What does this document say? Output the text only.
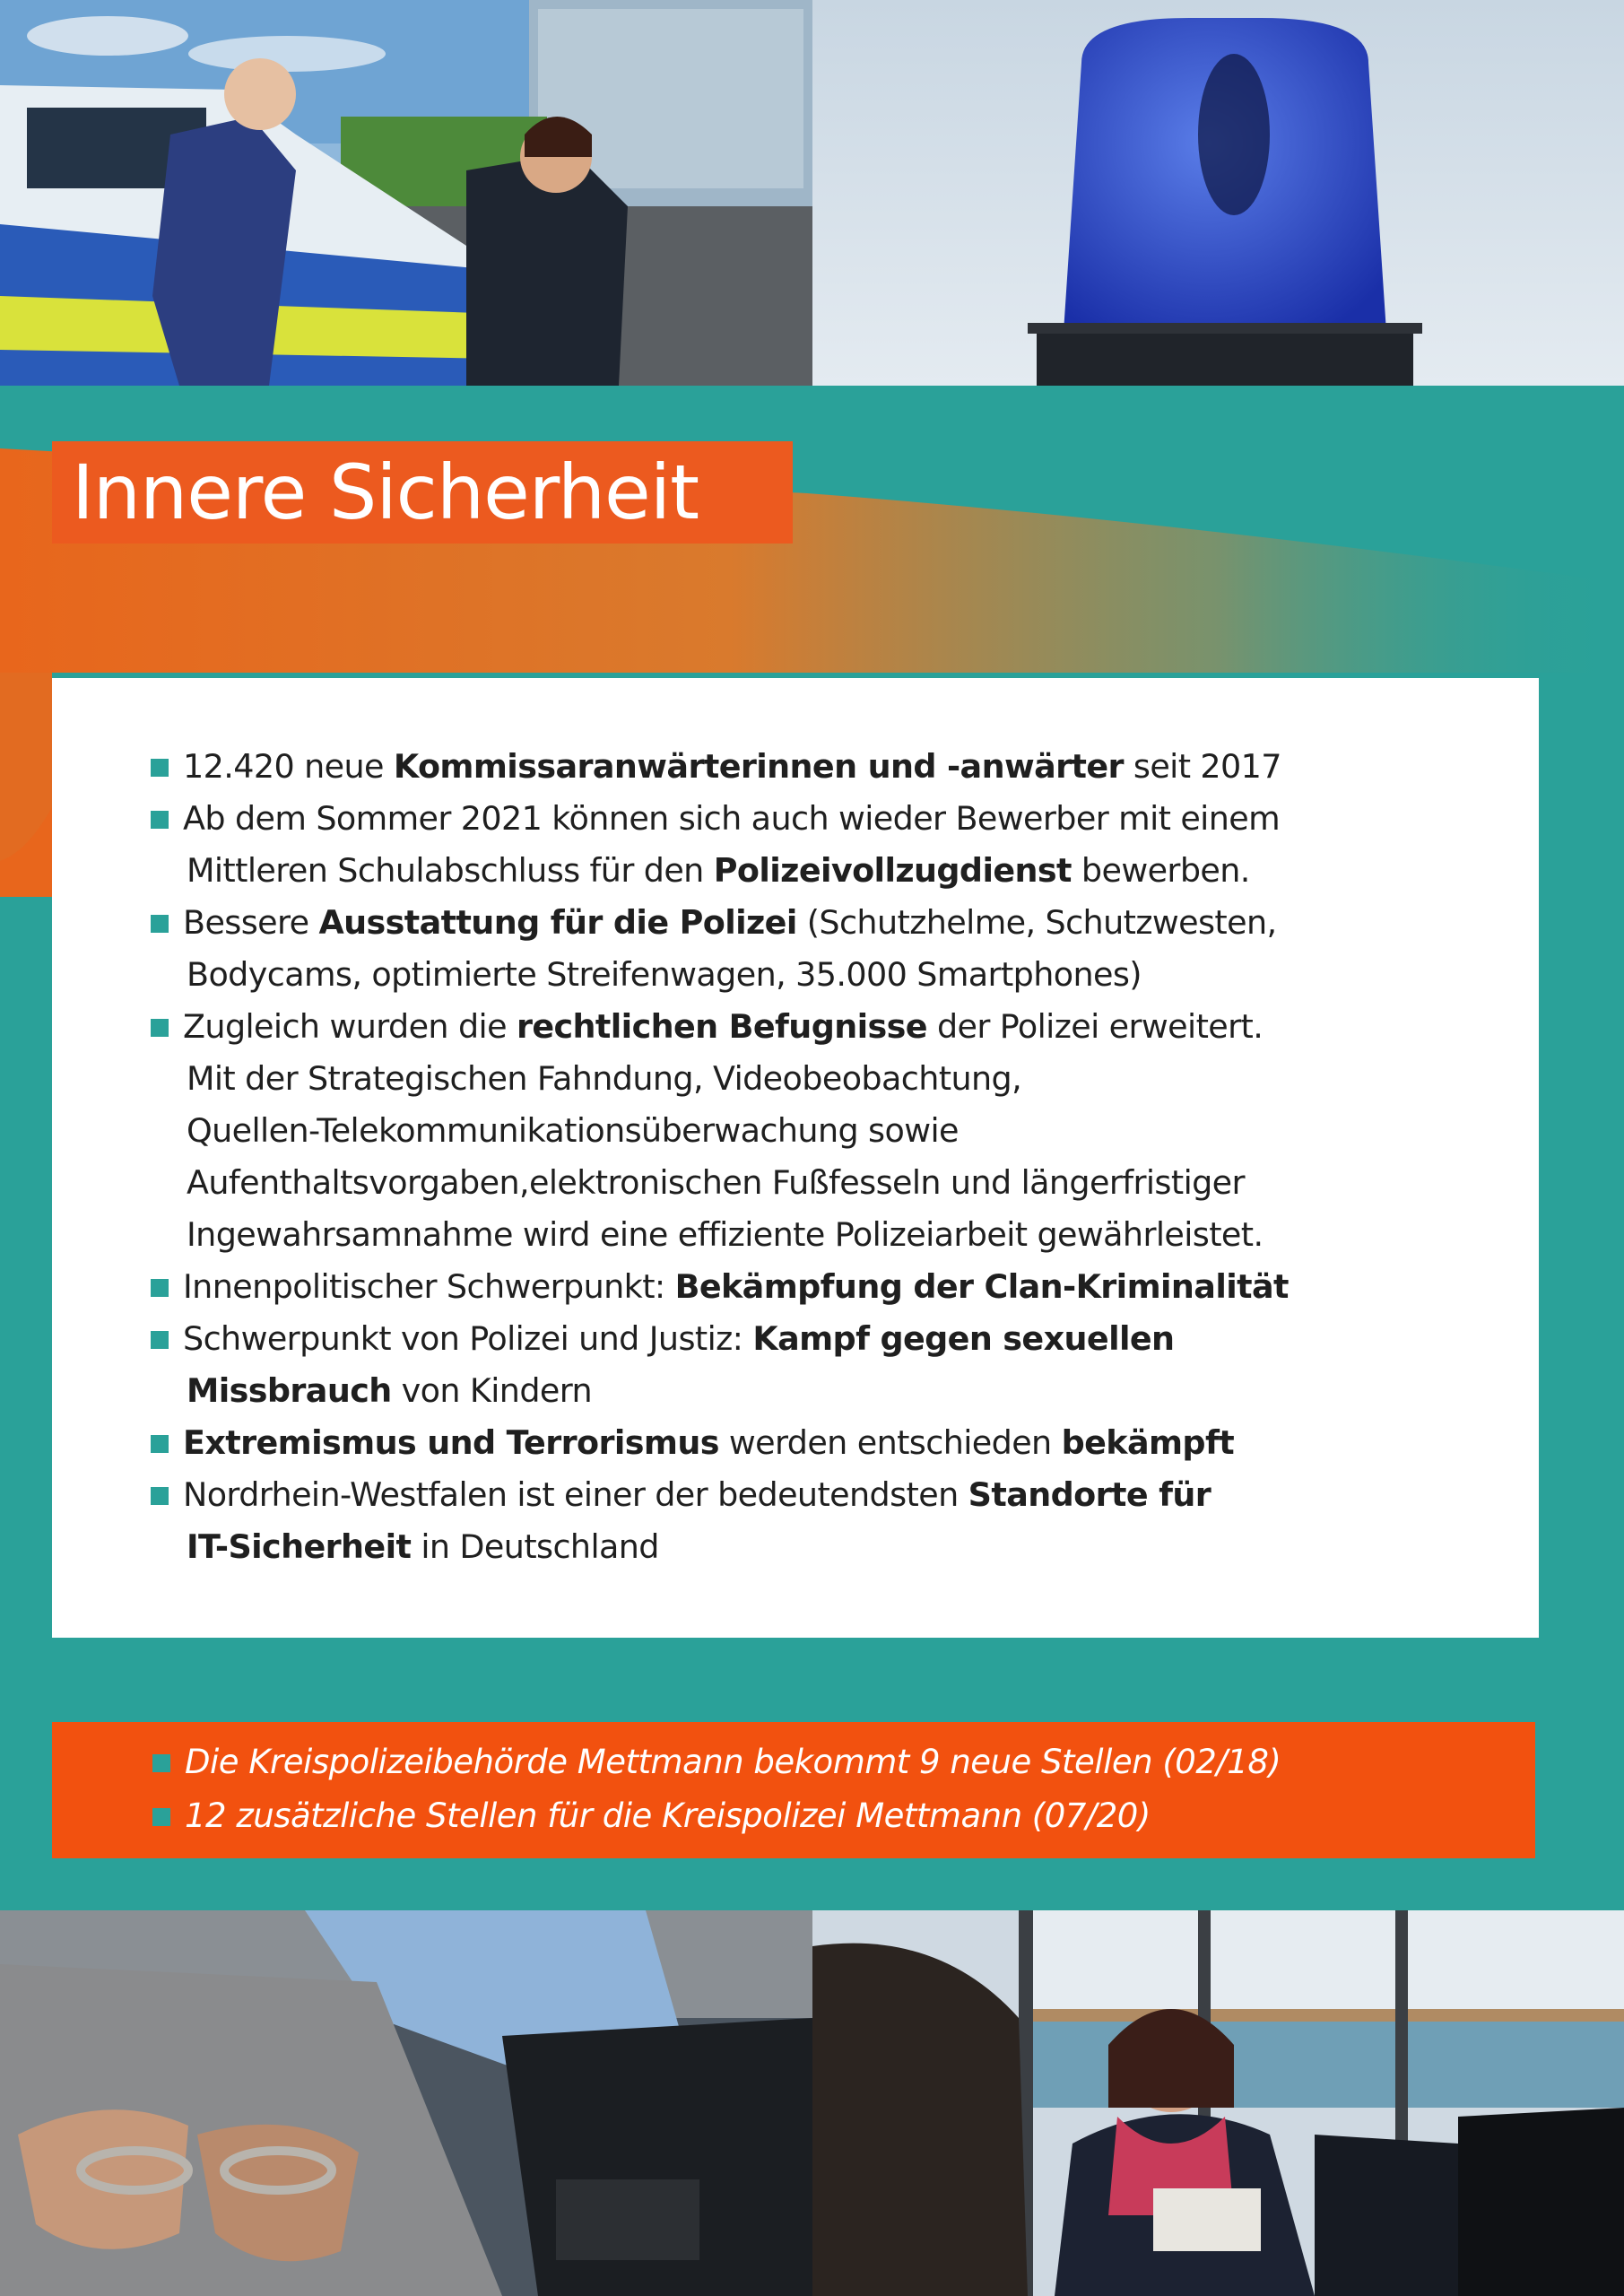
Innere Sicherheit
12.420 neue Kommissaranwärterinnen und -anwärter seit 2017
Ab dem Sommer 2021 können sich auch wieder Bewerber mit einem
Mittleren Schulabschluss für den Polizeivollzugdienst bewerben.
Bessere Ausstattung für die Polizei (Schutzhelme, Schutzwesten,
Bodycams, optimierte Streifenwagen, 35.000 Smartphones)
Zugleich wurden die rechtlichen Befugnisse der Polizei erweitert.
Mit der Strategischen Fahndung, Videobeobachtung,
Quellen-Telekommunikationsüberwachung sowie
Aufenthaltsvorgaben,elektronischen Fußfesseln und längerfristiger
Ingewahrsamnahme wird eine effiziente Polizeiarbeit gewährleistet.
Innenpolitischer Schwerpunkt: Bekämpfung der Clan-Kriminalität
Schwerpunkt von Polizei und Justiz: Kampf gegen sexuellen
Missbrauch von Kindern
Extremismus und Terrorismus werden entschieden bekämpft
Nordrhein-Westfalen ist einer der bedeutendsten Standorte für
IT-Sicherheit in Deutschland
Die Kreispolizeibehörde Mettmann bekommt 9 neue Stellen (02/18)
12 zusätzliche Stellen für die Kreispolizei Mettmann (07/20)
